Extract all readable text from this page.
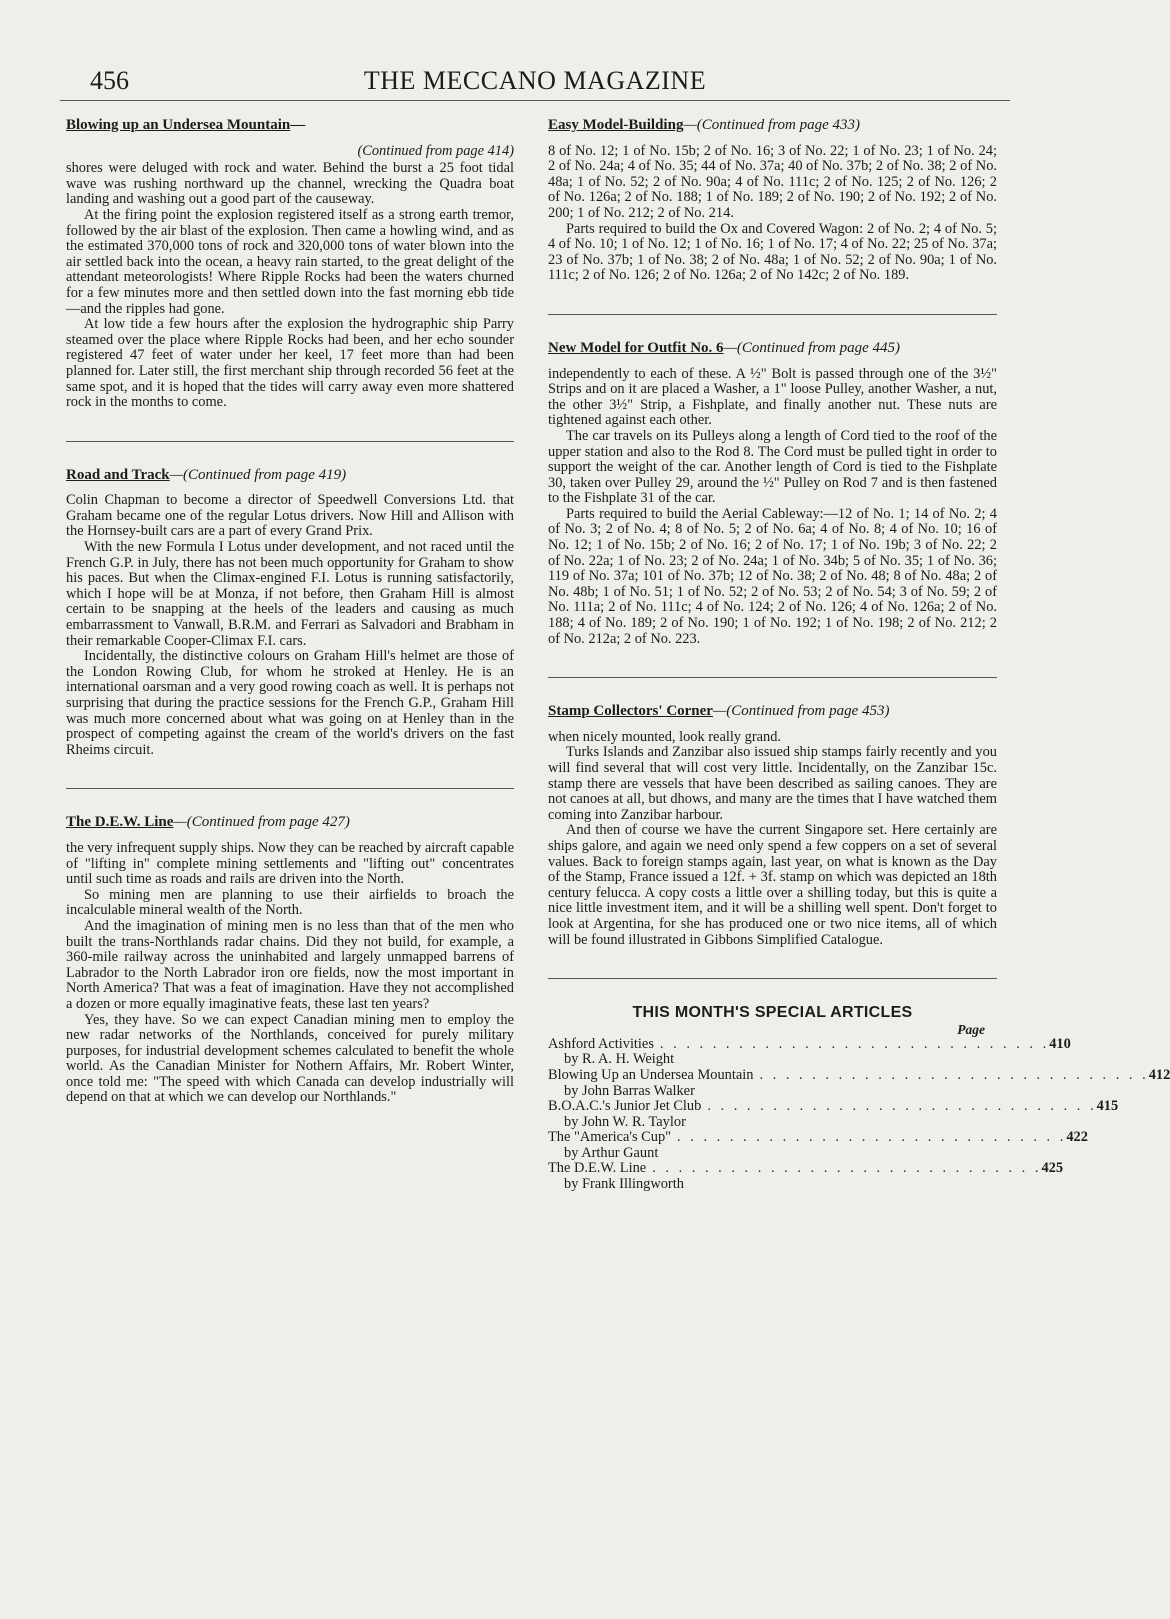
456	THE MECCANO MAGAZINE
Blowing up an Undersea Mountain—
(Continued from page 414)

shores were deluged with rock and water. Behind the burst a 25 foot tidal wave was rushing northward up the channel, wrecking the Quadra boat landing and washing out a good part of the causeway.

At the firing point the explosion registered itself as a strong earth tremor, followed by the air blast of the explosion. Then came a howling wind, and as the estimated 370,000 tons of rock and 320,000 tons of water blown into the air settled back into the ocean, a heavy rain started, to the great delight of the attendant meteorologists! Where Ripple Rocks had been the waters churned for a few minutes more and then settled down into the fast morning ebb tide—and the ripples had gone.

At low tide a few hours after the explosion the hydrographic ship Parry steamed over the place where Ripple Rocks had been, and her echo sounder registered 47 feet of water under her keel, 17 feet more than had been planned for. Later still, the first merchant ship through recorded 56 feet at the same spot, and it is hoped that the tides will carry away even more shattered rock in the months to come.

Road and Track—(Continued from page 419)

Colin Chapman to become a director of Speedwell Conversions Ltd. that Graham became one of the regular Lotus drivers. Now Hill and Allison with the Hornsey-built cars are a part of every Grand Prix.

With the new Formula I Lotus under development, and not raced until the French G.P. in July, there has not been much opportunity for Graham to show his paces. But when the Climax-engined F.I. Lotus is running satisfactorily, which I hope will be at Monza, if not before, then Graham Hill is almost certain to be snapping at the heels of the leaders and causing as much embarrassment to Vanwall, B.R.M. and Ferrari as Salvadori and Brabham in their remarkable Cooper-Climax F.I. cars.

Incidentally, the distinctive colours on Graham Hill's helmet are those of the London Rowing Club, for whom he stroked at Henley. He is an international oarsman and a very good rowing coach as well. It is perhaps not surprising that during the practice sessions for the French G.P., Graham Hill was much more concerned about what was going on at Henley than in the prospect of competing against the cream of the world's drivers on the fast Rheims circuit.

The D.E.W. Line—(Continued from page 427)

the very infrequent supply ships. Now they can be reached by aircraft capable of "lifting in" complete mining settlements and "lifting out" concentrates until such time as roads and rails are driven into the North.

So mining men are planning to use their airfields to broach the incalculable mineral wealth of the North.

And the imagination of mining men is no less than that of the men who built the trans-Northlands radar chains. Did they not build, for example, a 360-mile railway across the uninhabited and largely unmapped barrens of Labrador to the North Labrador iron ore fields, now the most important in North America? That was a feat of imagination. Have they not accomplished a dozen or more equally imaginative feats, these last ten years?

Yes, they have. So we can expect Canadian mining men to employ the new radar networks of the Northlands, conceived for purely military purposes, for industrial development schemes calculated to benefit the whole world. As the Canadian Minister for Nothern Affairs, Mr. Robert Winter, once told me: "The speed with which Canada can develop industrially will depend on that at which we can develop our Northlands."

Easy Model-Building—(Continued from page 433)

8 of No. 12; 1 of No. 15b; 2 of No. 16; 3 of No. 22; 1 of No. 23; 1 of No. 24; 2 of No. 24a; 4 of No. 35; 44 of No. 37a; 40 of No. 37b; 2 of No. 38; 2 of No. 48a; 1 of No. 52; 2 of No. 90a; 4 of No. 111c; 2 of No. 125; 2 of No. 126; 2 of No. 126a; 2 of No. 188; 1 of No. 189; 2 of No. 190; 2 of No. 192; 2 of No. 200; 1 of No. 212; 2 of No. 214.

Parts required to build the Ox and Covered Wagon: 2 of No. 2; 4 of No. 5; 4 of No. 10; 1 of No. 12; 1 of No. 16; 1 of No. 17; 4 of No. 22; 25 of No. 37a; 23 of No. 37b; 1 of No. 38; 2 of No. 48a; 1 of No. 52; 2 of No. 90a; 1 of No. 111c; 2 of No. 126; 2 of No. 126a; 2 of No 142c; 2 of No. 189.

New Model for Outfit No. 6—(Continued from page 445)

independently to each of these. A ½" Bolt is passed through one of the 3½" Strips and on it are placed a Washer, a 1" loose Pulley, another Washer, a nut, the other 3½" Strip, a Fishplate, and finally another nut. These nuts are tightened against each other.

The car travels on its Pulleys along a length of Cord tied to the roof of the upper station and also to the Rod 8. The Cord must be pulled tight in order to support the weight of the car. Another length of Cord is tied to the Fishplate 30, taken over Pulley 29, around the ½" Pulley on Rod 7 and is then fastened to the Fishplate 31 of the car.

Parts required to build the Aerial Cableway:—12 of No. 1; 14 of No. 2; 4 of No. 3; 2 of No. 4; 8 of No. 5; 2 of No. 6a; 4 of No. 8; 4 of No. 10; 16 of No. 12; 1 of No. 15b; 2 of No. 16; 2 of No. 17; 1 of No. 19b; 3 of No. 22; 2 of No. 22a; 1 of No. 23; 2 of No. 24a; 1 of No. 34b; 5 of No. 35; 1 of No. 36; 119 of No. 37a; 101 of No. 37b; 12 of No. 38; 2 of No. 48; 8 of No. 48a; 2 of No. 48b; 1 of No. 51; 1 of No. 52; 2 of No. 53; 2 of No. 54; 3 of No. 59; 2 of No. 111a; 2 of No. 111c; 4 of No. 124; 2 of No. 126; 4 of No. 126a; 2 of No. 188; 4 of No. 189; 2 of No. 190; 1 of No. 192; 1 of No. 198; 2 of No. 212; 2 of No. 212a; 2 of No. 223.

Stamp Collectors' Corner—(Continued from page 453)

when nicely mounted, look really grand.

Turks Islands and Zanzibar also issued ship stamps fairly recently and you will find several that will cost very little. Incidentally, on the Zanzibar 15c. stamp there are vessels that have been described as sailing canoes. They are not canoes at all, but dhows, and many are the times that I have watched them coming into Zanzibar harbour.

And then of course we have the current Singapore set. Here certainly are ships galore, and again we need only spend a few coppers on a set of several values. Back to foreign stamps again, last year, on what is known as the Day of the Stamp, France issued a 12f. + 3f. stamp on which was depicted an 18th century felucca. A copy costs a little over a shilling today, but this is quite a nice little investment item, and it will be a shilling well spent. Don't forget to look at Argentina, for she has produced one or two nice items, all of which will be found illustrated in Gibbons Simplified Catalogue.

THIS MONTH'S SPECIAL ARTICLES
Page
Ashford Activities . . . . . . . . . . . . . . . . . . . . . . . . . . . . . . 410
by R. A. H. Weight
Blowing Up an Undersea Mountain . . . . . . . . . . . . . . . . . . . . . . . . . . . . . . 412
by John Barras Walker
B.O.A.C.'s Junior Jet Club . . . . . . . . . . . . . . . . . . . . . . . . . . . . . . 415
by John W. R. Taylor
The "America's Cup" . . . . . . . . . . . . . . . . . . . . . . . . . . . . . . 422
by Arthur Gaunt
The D.E.W. Line . . . . . . . . . . . . . . . . . . . . . . . . . . . . . . 425
by Frank Illingworth
